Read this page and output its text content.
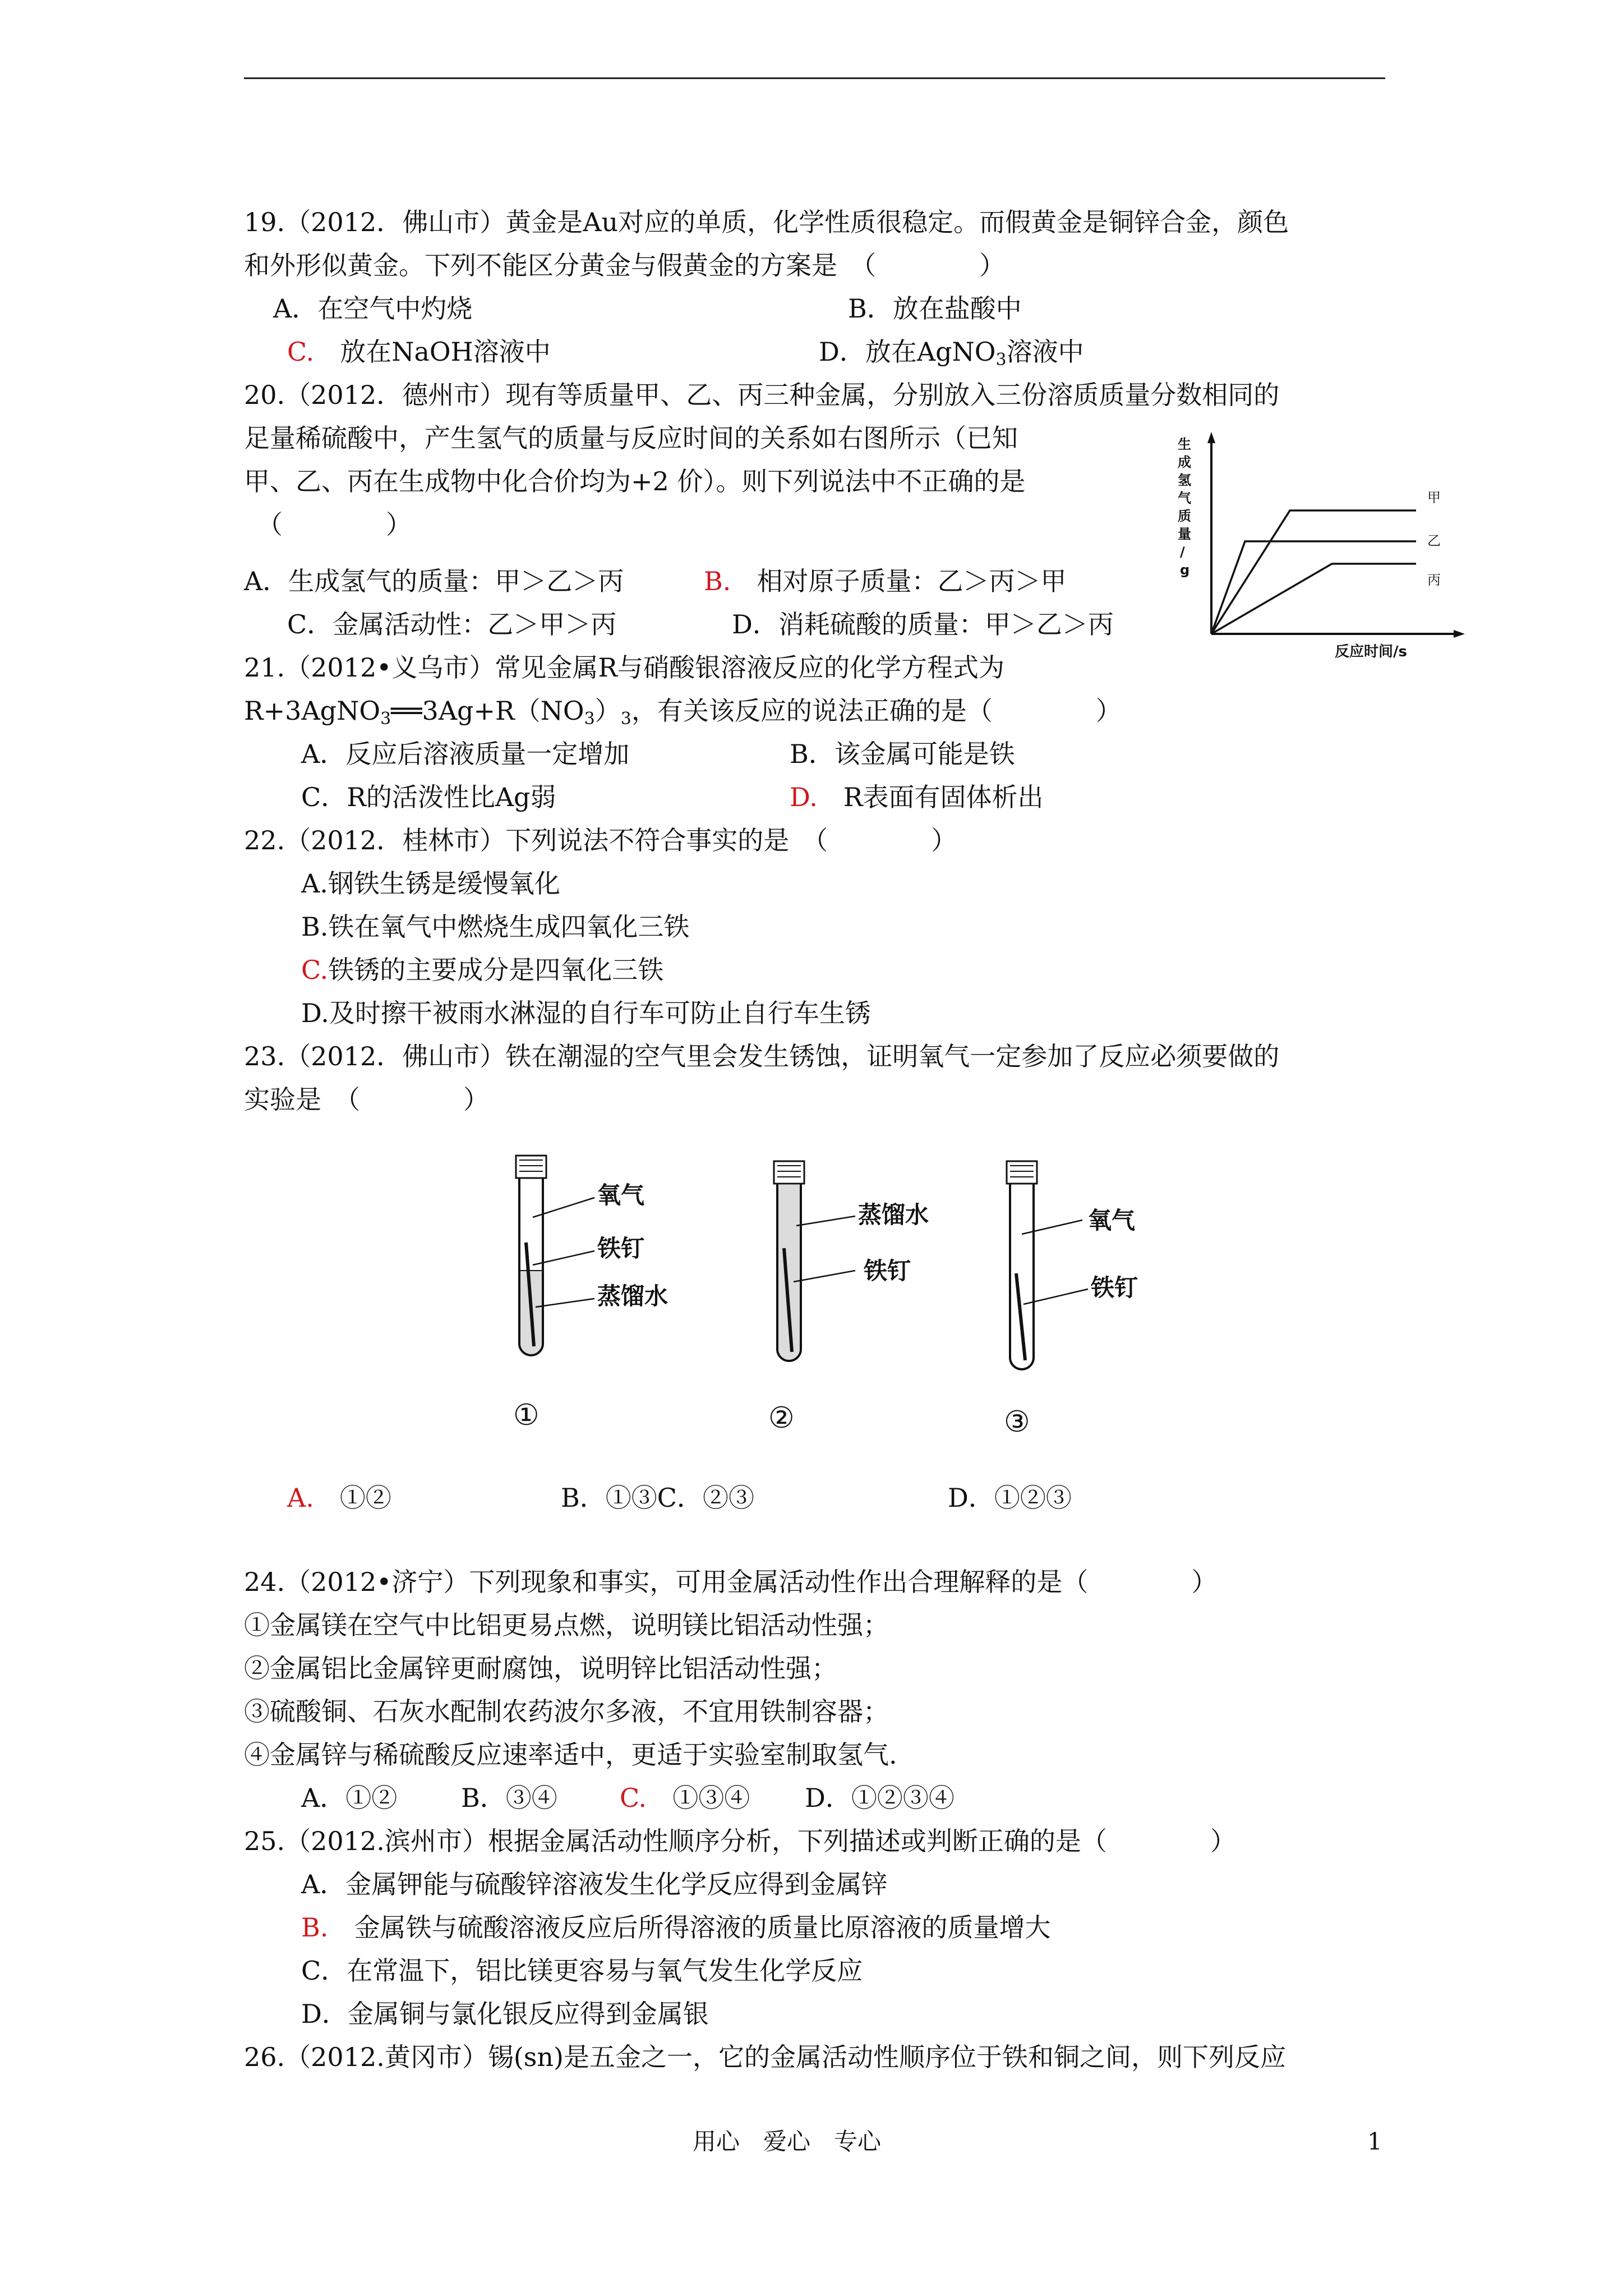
19.（2012．佛山市）黄金是Au对应的单质，化学性质很稳定。而假黄金是铜锌合金，颜色
和外形似黄金。下列不能区分黄金与假黄金的方案是　（　　　　）
A．在空气中灼烧	B．放在盐酸中
C.　 放在NaOH溶液中	D．放在AgNO$_3$溶液中
20.（2012．德州市）现有等质量甲、乙、丙三种金属，分别放入三份溶质质量分数相同的
足量稀硫酸中，产生氢气的质量与反应时间的关系如右图所示（已知
甲、乙、丙在生成物中化合价均为+2 价）。则下列说法中不正确的是
（　　　　）
A．生成氢气的质量：甲＞乙＞丙	B.　 相对原子质量：乙＞丙＞甲
C．金属活动性：乙＞甲＞丙	D．消耗硫酸的质量：甲＞乙＞丙
生
成
氢
气
质
量
/
g
反应时间/s
甲
乙
丙
21.（2012•义乌市）常见金属R与硝酸银溶液反应的化学方程式为
$R+3AgNO_3══3Ag+R(NO_3)_3$，有关该反应的说法正确的是（　　　　）
A．反应后溶液质量一定增加	B．该金属可能是铁
C．R的活泼性比Ag弱	D.　 R表面有固体析出
22.（2012．桂林市）下列说法不符合事实的是　（　　　　）
A.钢铁生锈是缓慢氧化
B.铁在氧气中燃烧生成四氧化三铁
C.铁锈的主要成分是四氧化三铁
D.及时擦干被雨水淋湿的自行车可防止自行车生锈
23.（2012．佛山市）铁在潮湿的空气里会发生锈蚀，证明氧气一定参加了反应必须要做的
实验是　（　　　　）
氧气
铁钉
蒸馏水
①
蒸馏水
铁钉
②
氧气
铁钉
③
A.　 ①②	B．①③C．②③	D．①②③
24.（2012•济宁）下列现象和事实，可用金属活动性作出合理解释的是（　　　　）
①金属镁在空气中比铝更易点燃，说明镁比铝活动性强；
②金属铝比金属锌更耐腐蚀，说明锌比铝活动性强；
③硫酸铜、石灰水配制农药波尔多液，不宜用铁制容器；
④金属锌与稀硫酸反应速率适中，更适于实验室制取氢气.
A．①② B．③④ C.　 ①③④ D．①②③④
25.（2012.滨州市）根据金属活动性顺序分析，下列描述或判断正确的是（　　　　）
A．金属钾能与硫酸锌溶液发生化学反应得到金属锌
B.　 金属铁与硫酸溶液反应后所得溶液的质量比原溶液的质量增大
C．在常温下，铝比镁更容易与氧气发生化学反应
D．金属铜与氯化银反应得到金属银
26.（2012.黄冈市）锡(sn)是五金之一，它的金属活动性顺序位于铁和铜之间，则下列反应
用心　爱心　专心	1
